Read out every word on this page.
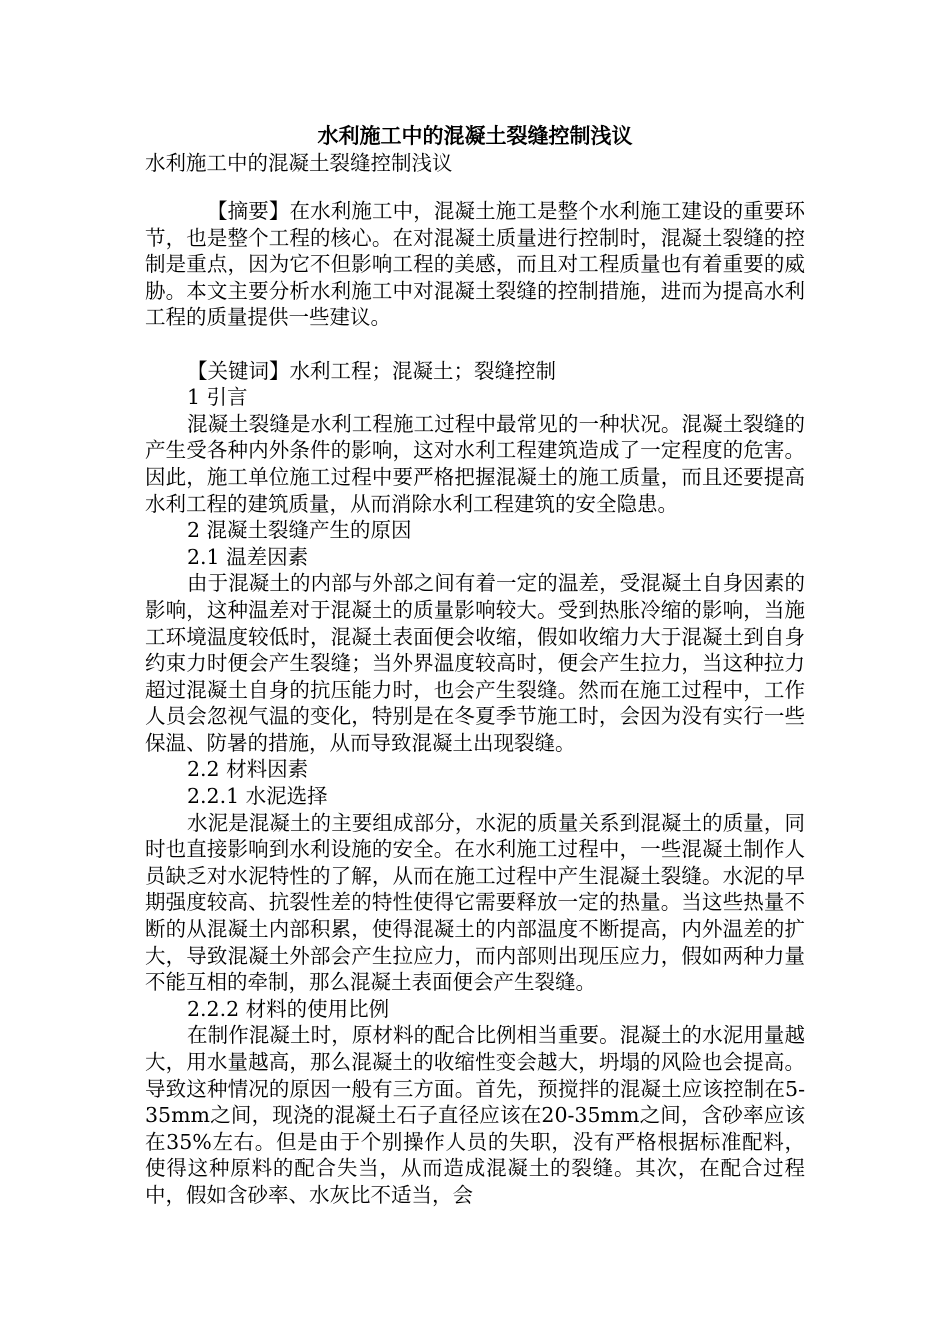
水利施工中的混凝土裂缝控制浅议
水利施工中的混凝土裂缝控制浅议

【摘要】在水利施工中，混凝土施工是整个水利施工建设的重要环节，也是整个工程的核心。在对混凝土质量进行控制时，混凝土裂缝的控制是重点，因为它不但影响工程的美感，而且对工程质量也有着重要的威胁。本文主要分析水利施工中对混凝土裂缝的控制措施，进而为提高水利工程的质量提供一些建议。

【关键词】水利工程；混凝土；裂缝控制

1 引言

混凝土裂缝是水利工程施工过程中最常见的一种状况。混凝土裂缝的产生受各种内外条件的影响，这对水利工程建筑造成了一定程度的危害。因此，施工单位施工过程中要严格把握混凝土的施工质量，而且还要提高水利工程的建筑质量，从而消除水利工程建筑的安全隐患。

2 混凝土裂缝产生的原因

2.1 温差因素

由于混凝土的内部与外部之间有着一定的温差，受混凝土自身因素的影响，这种温差对于混凝土的质量影响较大。受到热胀冷缩的影响，当施工环境温度较低时，混凝土表面便会收缩，假如收缩力大于混凝土到自身约束力时便会产生裂缝；当外界温度较高时，便会产生拉力，当这种拉力超过混凝土自身的抗压能力时，也会产生裂缝。然而在施工过程中，工作人员会忽视气温的变化，特别是在冬夏季节施工时，会因为没有实行一些保温、防暑的措施，从而导致混凝土出现裂缝。

2.2 材料因素

2.2.1 水泥选择

水泥是混凝土的主要组成部分，水泥的质量关系到混凝土的质量，同时也直接影响到水利设施的安全。在水利施工过程中，一些混凝土制作人员缺乏对水泥特性的了解，从而在施工过程中产生混凝土裂缝。水泥的早期强度较高、抗裂性差的特性使得它需要释放一定的热量。当这些热量不断的从混凝土内部积累，使得混凝土的内部温度不断提高，内外温差的扩大，导致混凝土外部会产生拉应力，而内部则出现压应力，假如两种力量不能互相的牵制，那么混凝土表面便会产生裂缝。

2.2.2 材料的使用比例

在制作混凝土时，原材料的配合比例相当重要。混凝土的水泥用量越大，用水量越高，那么混凝土的收缩性变会越大，坍塌的风险也会提高。导致这种情况的原因一般有三方面。首先，预搅拌的混凝土应该控制在5-35mm之间，现浇的混凝土石子直径应该在20-35mm之间，含砂率应该在35%左右。但是由于个别操作人员的失职，没有严格根据标准配料，使得这种原料的配合失当，从而造成混凝土的裂缝。其次，在配合过程中，假如含砂率、水灰比不适当，会
